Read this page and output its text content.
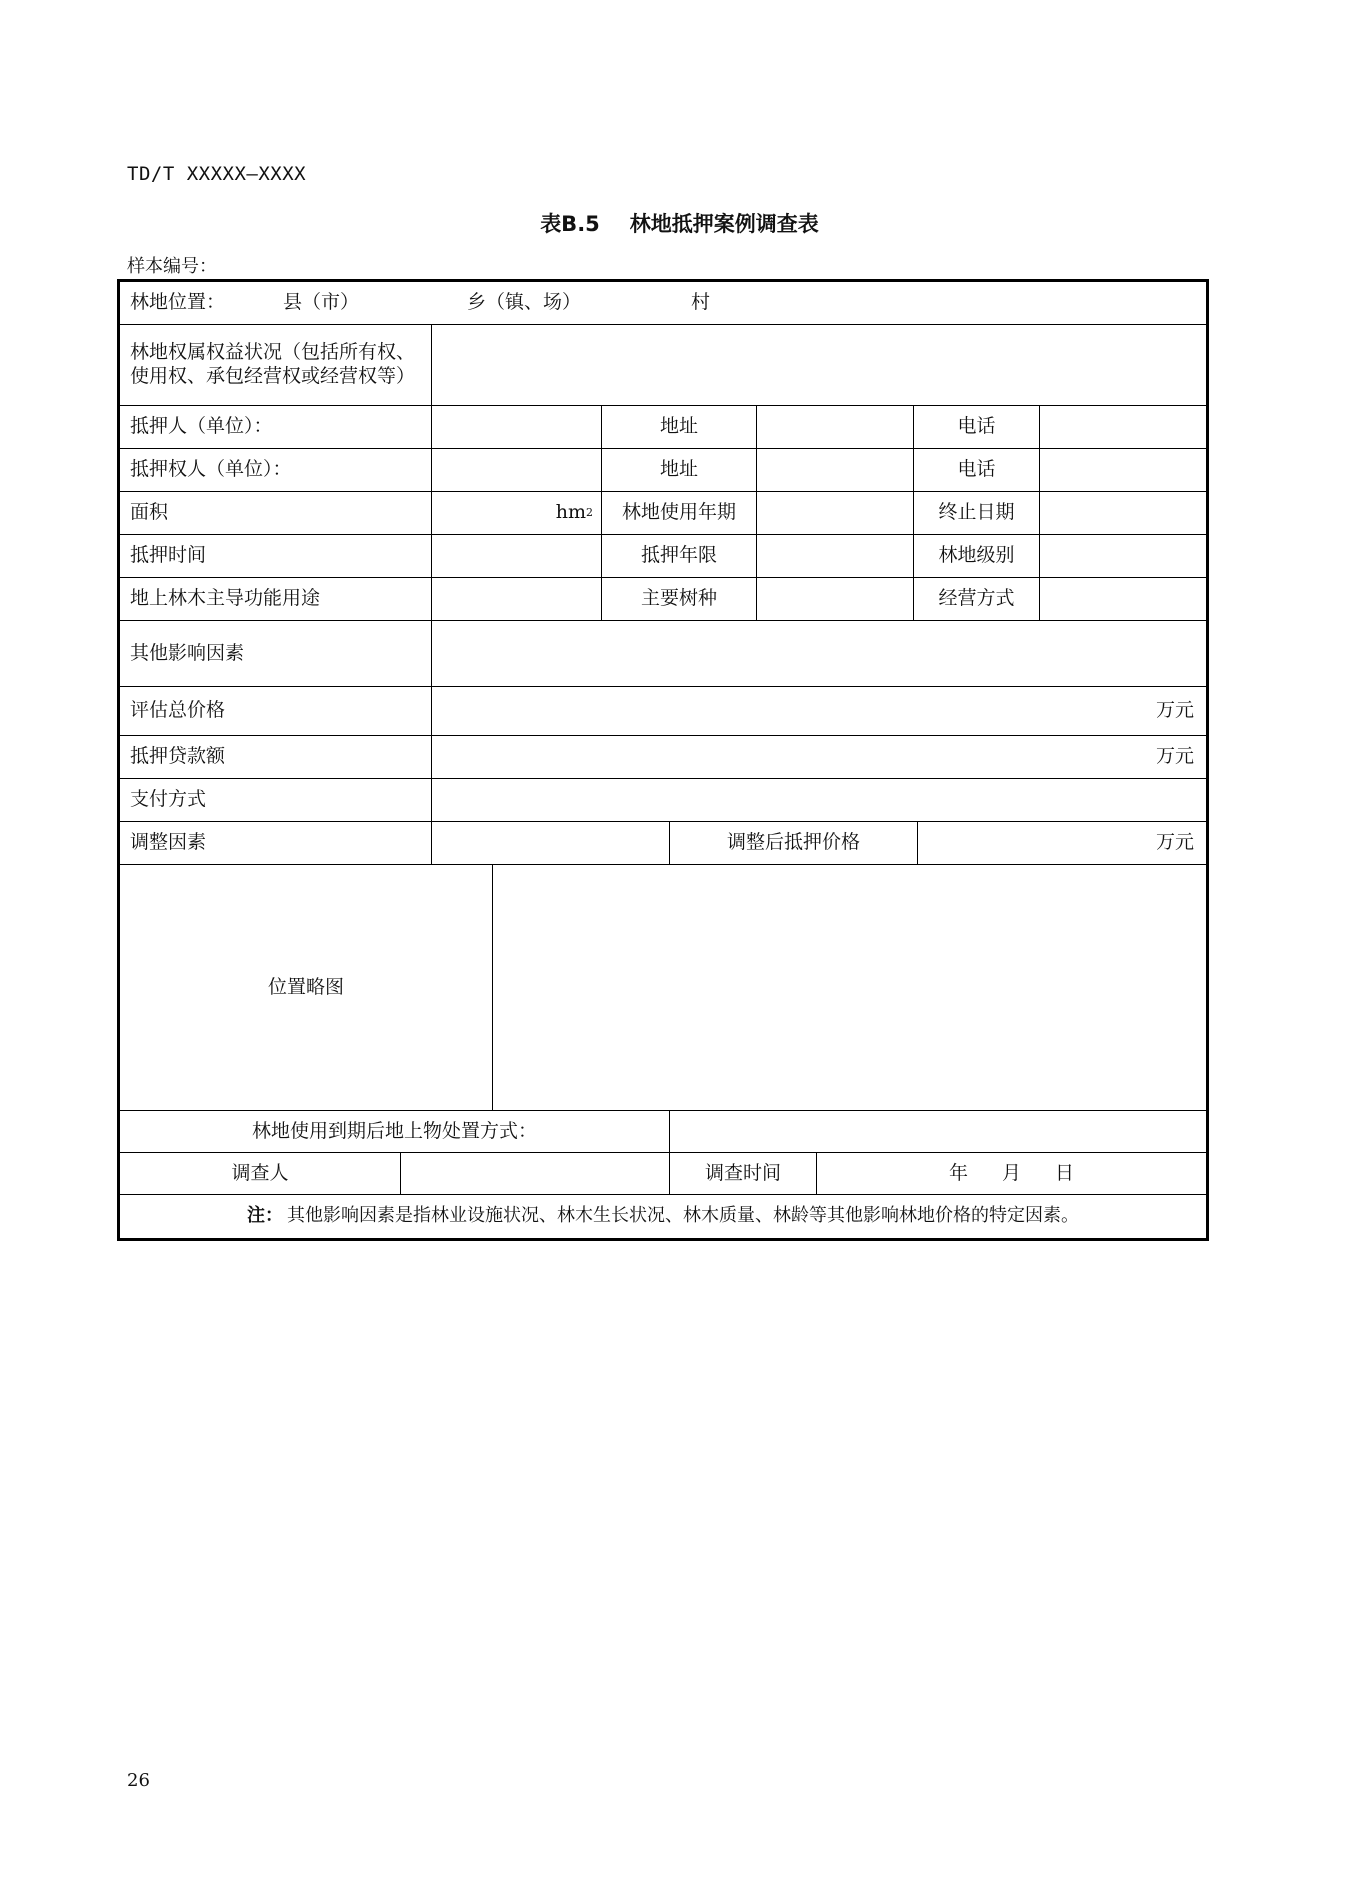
TD/T XXXXX—XXXX
表B.5 林地抵押案例调查表
样本编号：
林地位置：	县（市）	乡（镇、场）	村
林地权属权益状况（包括所有权、使用权、承包经营权或经营权等）
抵押人（单位）：	地址	电话
抵押权人（单位）：	地址	电话
面积	hm 2	林地使用年期	终止日期
抵押时间	抵押年限	林地级别
地上林木主导功能用途	主要树种	经营方式
其他影响因素
评估总价格	万元
抵押贷款额	万元
支付方式
调整因素	调整后抵押价格	万元
位置略图
林地使用到期后地上物处置方式：
调查人	调查时间	年 月 日
注： 其他影响因素是指林业设施状况、林木生长状况、林木质量、林龄等其他影响林地价格的特定因素。
26
